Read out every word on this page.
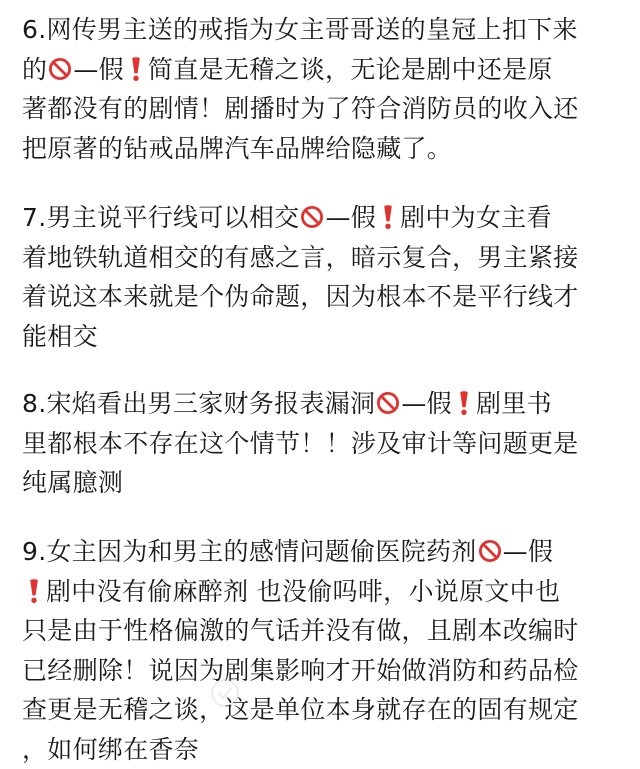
6.网传男主送的戒指为女主哥哥送的皇冠上扣下来
的 —假 简直是无稽之谈，无论是剧中还是原
著都没有的剧情！剧播时为了符合消防员的收入还
把原著的钻戒品牌汽车品牌给隐藏了。
7.男主说平行线可以相交 —假 剧中为女主看
着地铁轨道相交的有感之言，暗示复合，男主紧接
着说这本来就是个伪命题，因为根本不是平行线才
能相交
8.宋焰看出男三家财务报表漏洞 —假 剧里书
里都根本不存在这个情节！！涉及审计等问题更是
纯属臆测
9.女主因为和男主的感情问题偷医院药剂 —假
剧中没有偷麻醉剂 也没偷吗啡，小说原文中也
只是由于性格偏激的气话并没有做，且剧本改编时
已经删除！说因为剧集影响才开始做消防和药品检
查更是无稽之谈，这是单位本身就存在的固有规定
，如何绑在香奈
